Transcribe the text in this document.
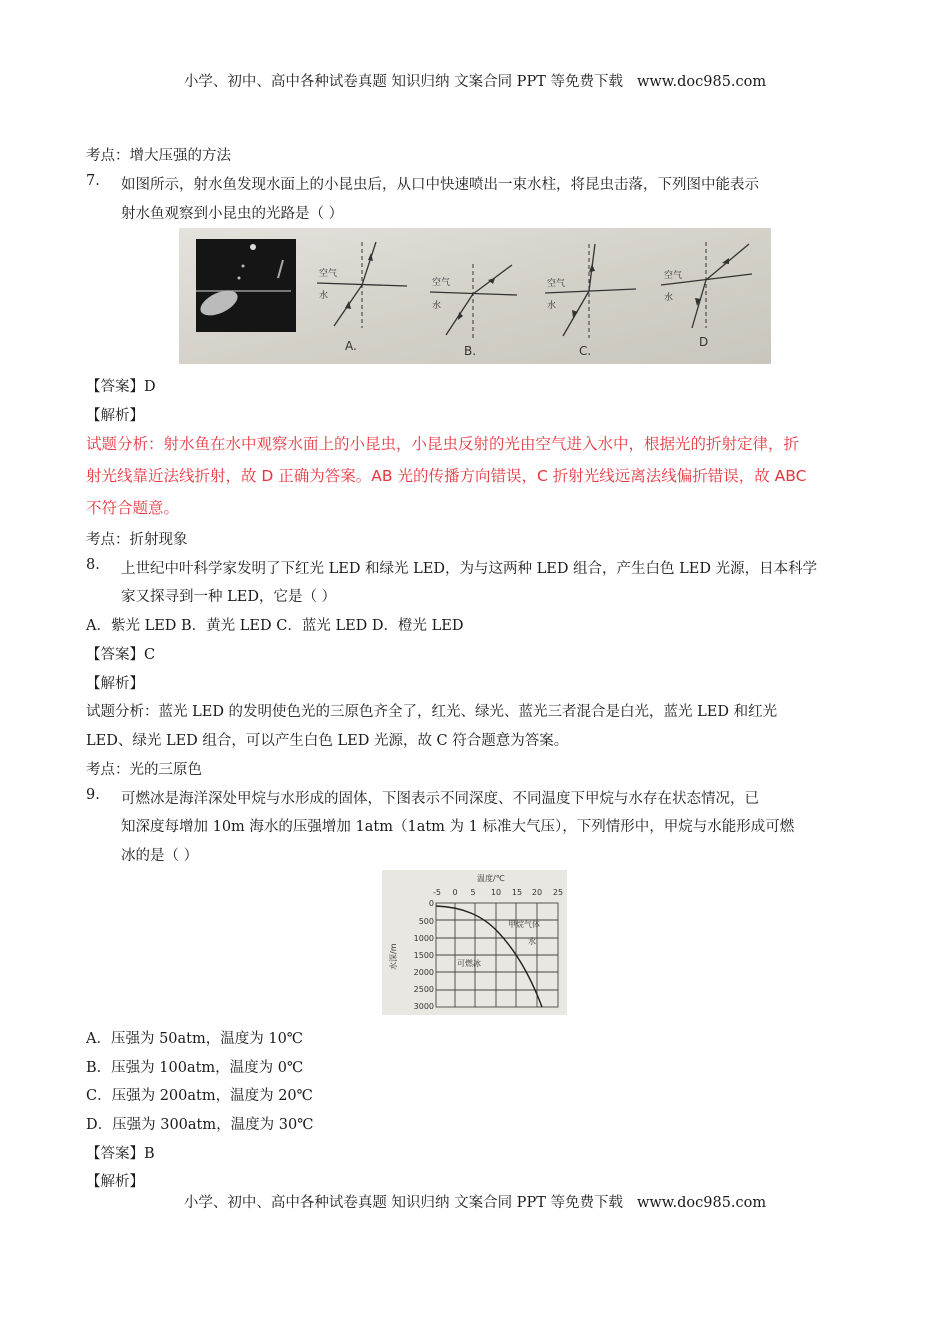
小学、初中、高中各种试卷真题 知识归纳 文案合同 PPT 等免费下载 www.doc985.com
考点：增大压强的方法
7. 如图所示，射水鱼发现水面上的小昆虫后，从口中快速喷出一束水柱，将昆虫击落，下列图中能表示
射水鱼观察到小昆虫的光路是（ ）
空气
水
A.
空气
水
B.
空气
水
C.
空气
水
D
【答案】D
【解析】
试题分析：射水鱼在水中观察水面上的小昆虫，小昆虫反射的光由空气进入水中，根据光的折射定律，折
射光线靠近法线折射，故 D 正确为答案。AB 光的传播方向错误，C 折射光线远离法线偏折错误，故 ABC
不符合题意。
考点：折射现象
8. 上世纪中叶科学家发明了下红光 LED 和绿光 LED，为与这两种 LED 组合，产生白色 LED 光源，日本科学
家又探寻到一种 LED，它是（ ）
A．紫光 LED B．黄光 LED C．蓝光 LED D．橙光 LED
【答案】C
【解析】
试题分析：蓝光 LED 的发明使色光的三原色齐全了，红光、绿光、蓝光三者混合是白光，蓝光 LED 和红光
LED、绿光 LED 组合，可以产生白色 LED 光源，故 C 符合题意为答案。
考点：光的三原色
9. 可燃冰是海洋深处甲烷与水形成的固体，下图表示不同深度、不同温度下甲烷与水存在状态情况，已
知深度每增加 10m 海水的压强增加 1atm（1atm 为 1 标准大气压），下列情形中，甲烷与水能形成可燃
冰的是（ ）
温度/℃
-5 0 5 10 15 20 25
0
500
1000
1500
2000
2500
3000
水深/m
甲烷气体
水
可燃冰
A．压强为 50atm，温度为 10℃
B．压强为 100atm，温度为 0℃
C．压强为 200atm，温度为 20℃
D．压强为 300atm，温度为 30℃
【答案】B
【解析】
小学、初中、高中各种试卷真题 知识归纳 文案合同 PPT 等免费下载 www.doc985.com
